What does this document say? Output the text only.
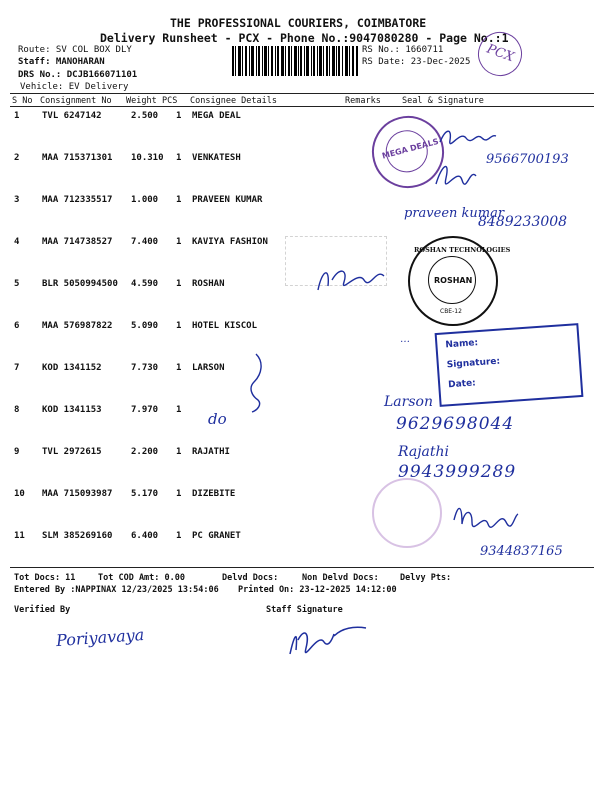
THE PROFESSIONAL COURIERS, COIMBATORE
Delivery Runsheet - PCX - Phone No.:9047080280 - Page No.:1
Route: SV COL BOX DLY
Staff: MANOHARAN
DRS No.: DCJB166071101
Vehicle: EV Delivery
RS No.: 1660711
RS Date: 23-Dec-2025	PCX
S No Consignment No Weight PCS Consignee Details	Remarks Seal & Signature
1	TVL 6247142	2.500 1 MEGA DEAL
2	MAA 715371301 10.310 1 VENKATESH
3	MAA 712335517 1.000 1 PRAVEEN KUMAR
4	MAA 714738527 7.400 1 KAVIYA FASHION
5	BLR 5050994500 4.590 1 ROSHAN
6	MAA 576987822 5.090 1 HOTEL KISCOL
7	KOD 1341152	7.730 1 LARSON
8	KOD 1341153	7.970 1
9	TVL 2972615	2.200 1 RAJATHI
10 MAA 715093987 5.170 1 DIZEBITE
11 SLM 385269160 6.400 1 PC GRANET
MEGA DEALS
ROSHAN TECHNOLOGIES
ROSHAN
CBE-12
Name:
Signature:
Date:
9566700193
praveen kumar
8489233008
…
do
Larson
9629698044
Rajathi
9943999289
9344837165
Tot Docs: 11	Tot COD Amt: 0.00	Delvd Docs:	Non Delvd Docs: Delvy Pts:
Entered By :NAPPINAX 12/23/2025 13:54:06 Printed On: 23-12-2025 14:12:00
Verified By	Staff Signature
Poriyavaya
